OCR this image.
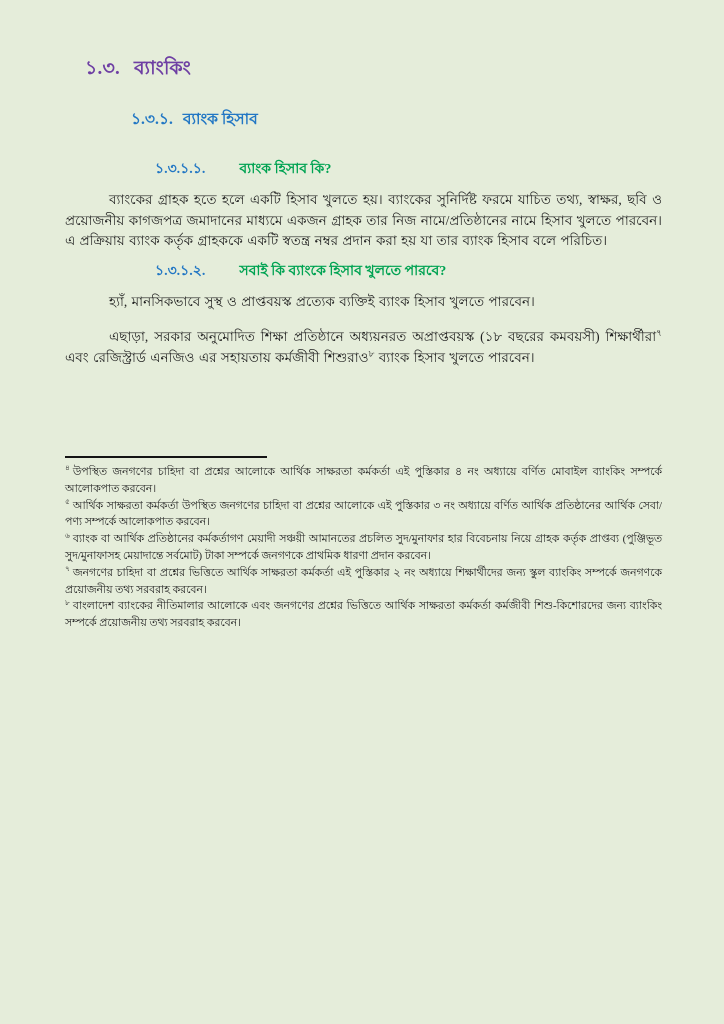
১.৩. ব্যাংকিং
১.৩.১. ব্যাংক হিসাব
১.৩.১.১. ব্যাংক হিসাব কি?

ব্যাংকের গ্রাহক হতে হলে একটি হিসাব খুলতে হয়। ব্যাংকের সুনির্দিষ্ট ফরমে যাচিত তথ্য, স্বাক্ষর, ছবি ও প্রয়োজনীয় কাগজপত্র জমাদানের মাধ্যমে একজন গ্রাহক তার নিজ নামে/প্রতিষ্ঠানের নামে হিসাব খুলতে পারবেন। এ প্রক্রিয়ায় ব্যাংক কর্তৃক গ্রাহককে একটি স্বতন্ত্র নম্বর প্রদান করা হয় যা তার ব্যাংক হিসাব বলে পরিচিত।

১.৩.১.২. সবাই কি ব্যাংকে হিসাব খুলতে পারবে?

হ্যাঁ, মানসিকভাবে সুস্থ ও প্রাপ্তবয়স্ক প্রত্যেক ব্যক্তিই ব্যাংক হিসাব খুলতে পারবেন।

এছাড়া, সরকার অনুমোদিত শিক্ষা প্রতিষ্ঠানে অধ্যয়নরত অপ্রাপ্তবয়স্ক (১৮ বছরের কমবয়সী) শিক্ষার্থীরা$^৭$ এবং রেজিস্ট্রার্ড এনজিও এর সহায়তায় কর্মজীবী শিশুরাও$^৮$ ব্যাংক হিসাব খুলতে পারবেন।

$^৪$ উপস্থিত জনগণের চাহিদা বা প্রশ্নের আলোকে আর্থিক সাক্ষরতা কর্মকর্তা এই পুস্তিকার ৪ নং অধ্যায়ে বর্ণিত মোবাইল ব্যাংকিং সম্পর্কে আলোকপাত করবেন।

$^৫$ আর্থিক সাক্ষরতা কর্মকর্তা উপস্থিত জনগণের চাহিদা বা প্রশ্নের আলোকে এই পুস্তিকার ৩ নং অধ্যায়ে বর্ণিত আর্থিক প্রতিষ্ঠানের আর্থিক সেবা/পণ্য সম্পর্কে আলোকপাত করবেন।

$^৬$ ব্যাংক বা আর্থিক প্রতিষ্ঠানের কর্মকর্তাগণ মেয়াদী সঞ্চয়ী আমানতের প্রচলিত সুদ/মুনাফার হার বিবেচনায় নিয়ে গ্রাহক কর্তৃক প্রাপ্তব্য (পুঞ্জিভূত সুদ/মুনাফাসহ মেয়াদান্তে সর্বমোট) টাকা সম্পর্কে জনগণকে প্রাথমিক ধারণা প্রদান করবেন।

$^৭$ জনগণের চাহিদা বা প্রশ্নের ভিত্তিতে আর্থিক সাক্ষরতা কর্মকর্তা এই পুস্তিকার ২ নং অধ্যায়ে শিক্ষার্থীদের জন্য স্কুল ব্যাংকিং সম্পর্কে জনগণকে প্রয়োজনীয় তথ্য সরবরাহ করবেন।

$^৮$ বাংলাদেশ ব্যাংকের নীতিমালার আলোকে এবং জনগণের প্রশ্নের ভিত্তিতে আর্থিক সাক্ষরতা কর্মকর্তা কর্মজীবী শিশু-কিশোরদের জন্য ব্যাংকিং সম্পর্কে প্রয়োজনীয় তথ্য সরবরাহ করবেন।
